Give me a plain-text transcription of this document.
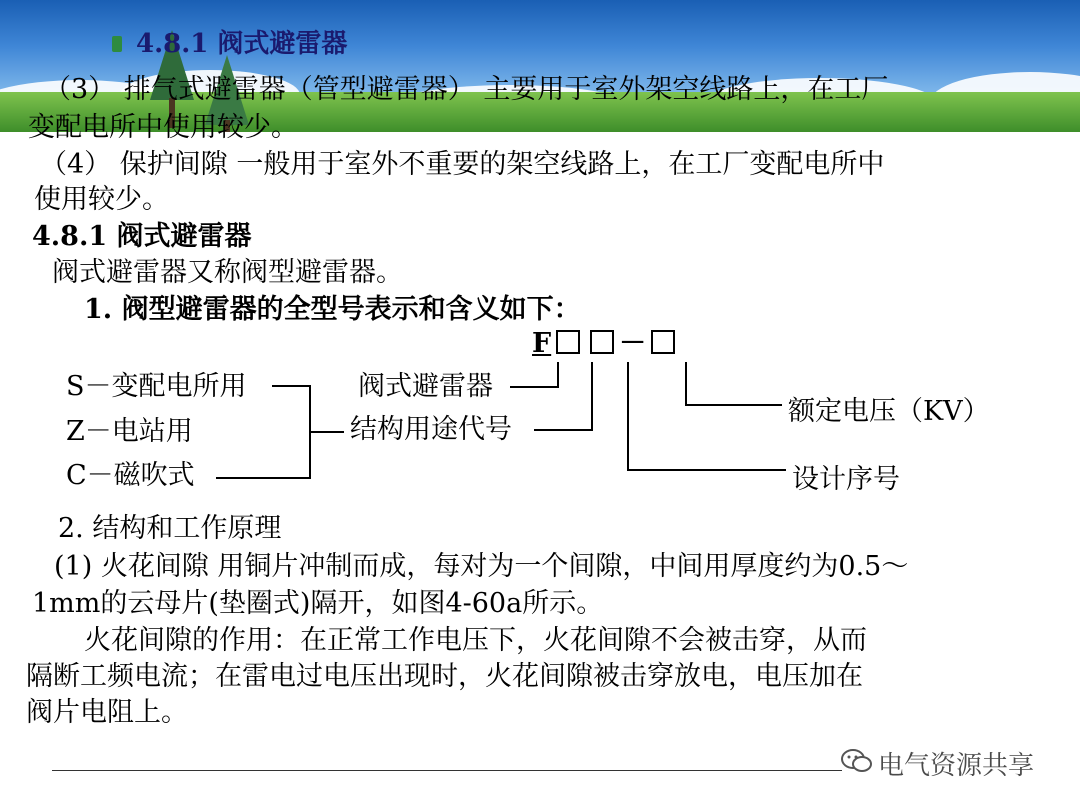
4.8.1 阀式避雷器
（3） 排气式避雷器（管型避雷器） 主要用于室外架空线路上，在工厂
变配电所中使用较少。
（4） 保护间隙 一般用于室外不重要的架空线路上，在工厂变配电所中
使用较少。
4.8.1 阀式避雷器
阀式避雷器又称阀型避雷器。
1. 阀型避雷器的全型号表示和含义如下：
F	－
S－变配电所用
Z－电站用
C－磁吹式
阀式避雷器
结构用途代号
额定电压（KV）
设计序号
2. 结构和工作原理
(1) 火花间隙 用铜片冲制而成，每对为一个间隙，中间用厚度约为0.5～
1mm的云母片(垫圈式)隔开，如图4-60a所示。
火花间隙的作用：在正常工作电压下，火花间隙不会被击穿，从而
隔断工频电流；在雷电过电压出现时，火花间隙被击穿放电，电压加在
阀片电阻上。
电气资源共享
